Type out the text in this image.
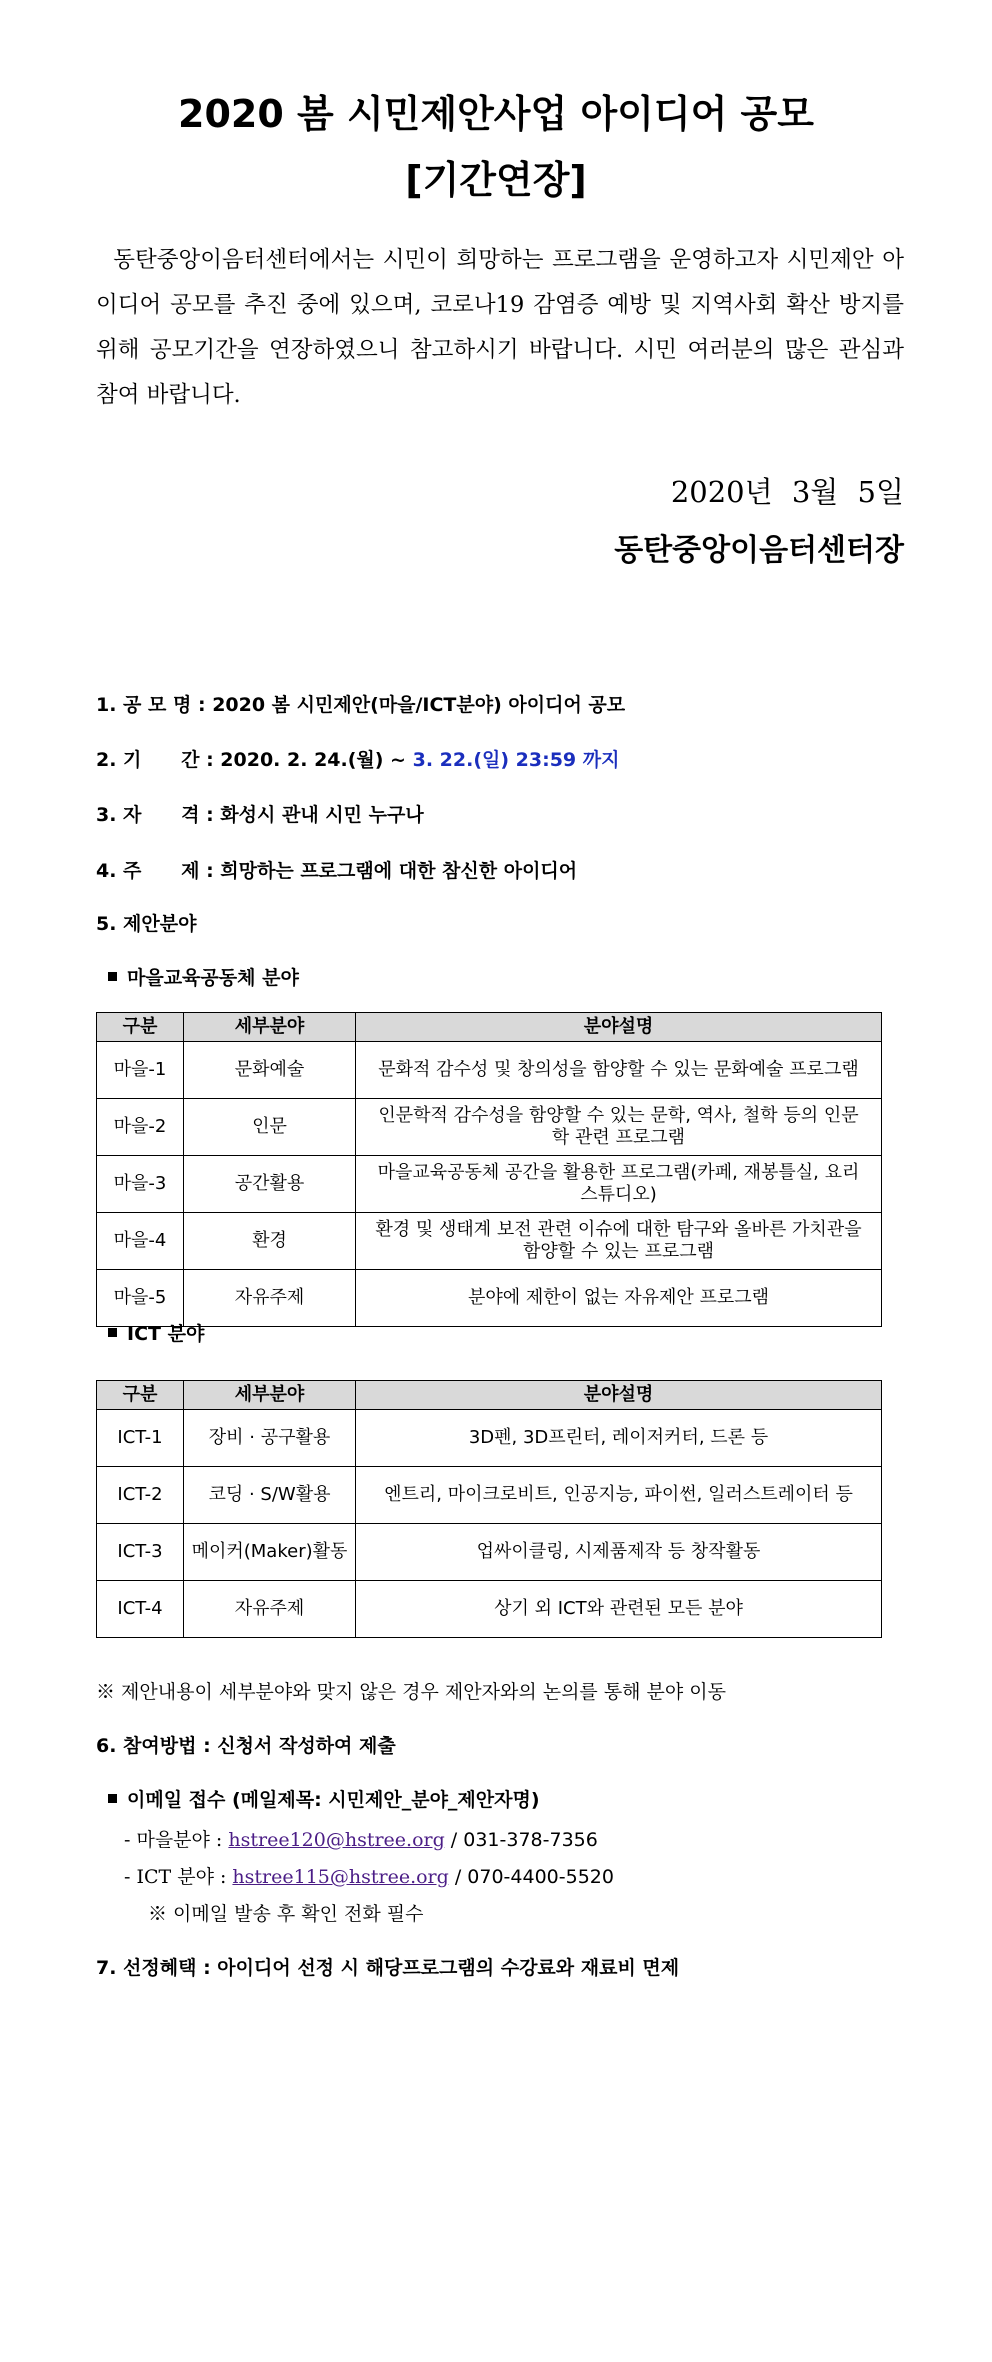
2020 봄 시민제안사업 아이디어 공모
[기간연장]

동탄중앙이음터센터에서는 시민이 희망하는 프로그램을 운영하고자 시민제안 아이디어 공모를 추진 중에 있으며, 코로나19 감염증 예방 및 지역사회 확산 방지를 위해 공모기간을 연장하였으니 참고하시기 바랍니다. 시민 여러분의 많은 관심과 참여 바랍니다.

2020년 3월 5일
동탄중앙이음터센터장
1. 공 모 명 : 2020 봄 시민제안(마을/ICT분야) 아이디어 공모
2. 기      간 : 2020. 2. 24.(월) ~ 3. 22.(일) 23:59 까지
3. 자      격 : 화성시 관내 시민 누구나
4. 주      제 : 희망하는 프로그램에 대한 참신한 아이디어
5. 제안분야
마을교육공동체 분야
구분	세부분야	분야설명
마을-1	문화예술	문화적 감수성 및 창의성을 함양할 수 있는 문화예술 프로그램
마을-2	인문	인문학적 감수성을 함양할 수 있는 문학, 역사, 철학 등의 인문학 관련 프로그램
마을-3	공간활용	마을교육공동체 공간을 활용한 프로그램(카페, 재봉틀실, 요리스튜디오)
마을-4	환경	환경 및 생태계 보전 관련 이슈에 대한 탐구와 올바른 가치관을 함양할 수 있는 프로그램
마을-5	자유주제	분야에 제한이 없는 자유제안 프로그램
ICT 분야
구분	세부분야	분야설명
ICT-1	장비 · 공구활용	3D펜, 3D프린터, 레이저커터, 드론 등
ICT-2	코딩 · S/W활용	엔트리, 마이크로비트, 인공지능, 파이썬, 일러스트레이터 등
ICT-3	메이커(Maker)활동	업싸이클링, 시제품제작 등 창작활동
ICT-4	자유주제	상기 외 ICT와 관련된 모든 분야
※ 제안내용이 세부분야와 맞지 않은 경우 제안자와의 논의를 통해 분야 이동
6. 참여방법 : 신청서 작성하여 제출
이메일 접수 (메일제목: 시민제안_분야_제안자명)
- 마을분야 : hstree120@hstree.org / 031-378-7356
- ICT 분야 : hstree115@hstree.org / 070-4400-5520
※ 이메일 발송 후 확인 전화 필수
7. 선정혜택 : 아이디어 선정 시 해당프로그램의 수강료와 재료비 면제
